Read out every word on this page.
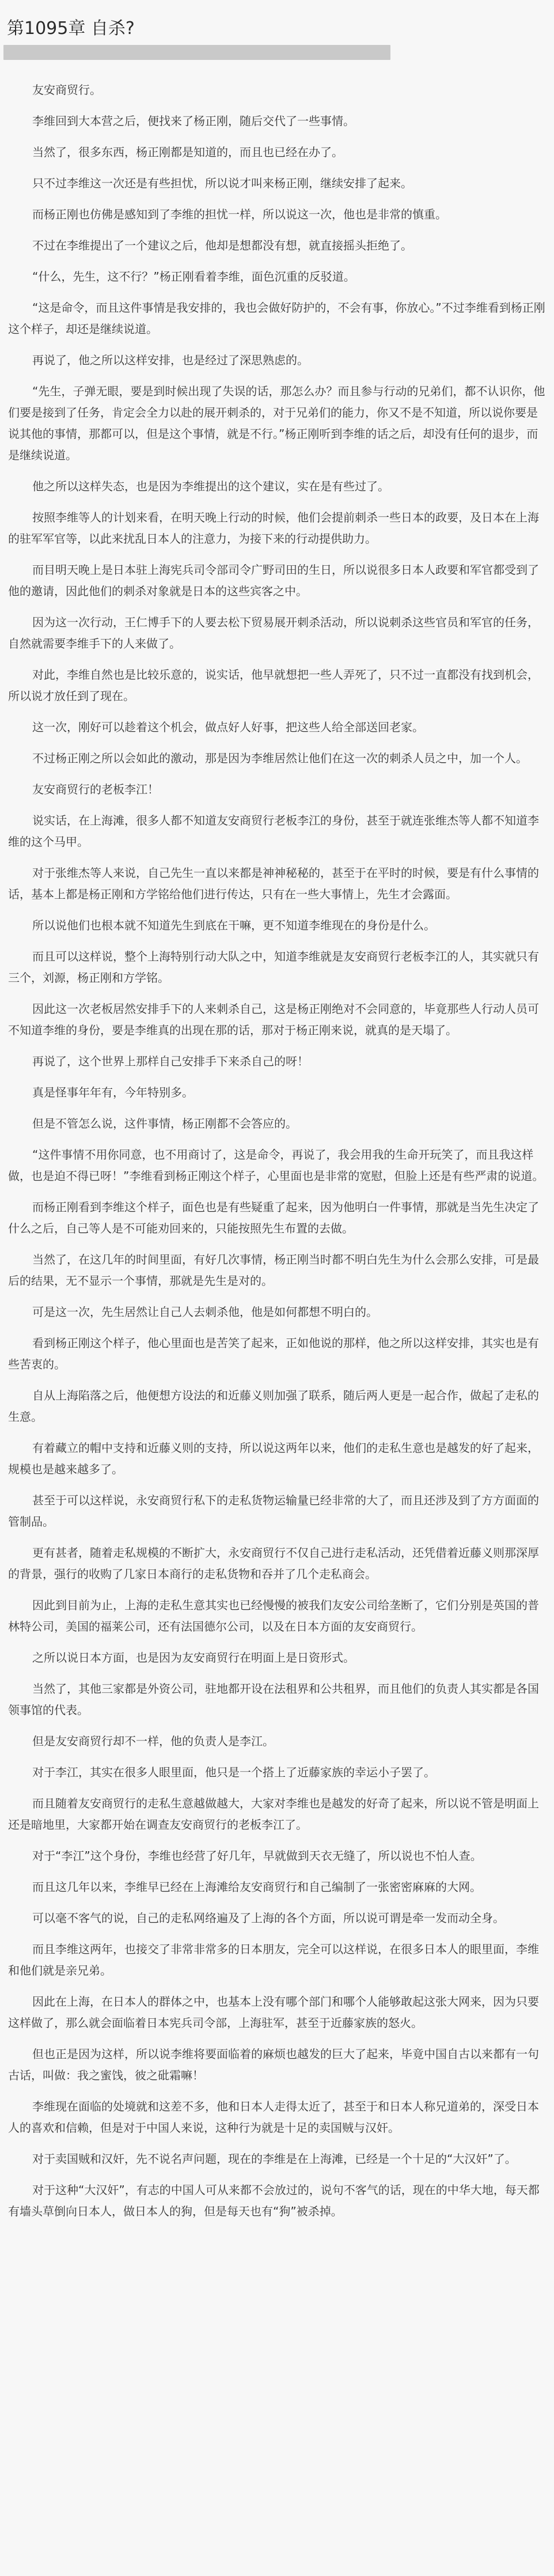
第1095章 自杀?

友安商贸行。

李维回到大本营之后，便找来了杨正刚，随后交代了一些事情。

当然了，很多东西，杨正刚都是知道的，而且也已经在办了。

只不过李维这一次还是有些担忧，所以说才叫来杨正刚，继续安排了起来。

而杨正刚也仿佛是感知到了李维的担忧一样，所以说这一次，他也是非常的慎重。

不过在李维提出了一个建议之后，他却是想都没有想，就直接摇头拒绝了。

“什么，先生，这不行？”杨正刚看着李维，面色沉重的反驳道。

“这是命令，而且这件事情是我安排的，我也会做好防护的，不会有事，你放心。”不过李维看到杨正刚这个样子，却还是继续说道。

再说了，他之所以这样安排，也是经过了深思熟虑的。

“先生，子弹无眼，要是到时候出现了失误的话，那怎么办？而且参与行动的兄弟们，都不认识你，他们要是接到了任务，肯定会全力以赴的展开刺杀的，对于兄弟们的能力，你又不是不知道，所以说你要是说其他的事情，那都可以，但是这个事情，就是不行。”杨正刚听到李维的话之后，却没有任何的退步，而是继续说道。

他之所以这样失态，也是因为李维提出的这个建议，实在是有些过了。

按照李维等人的计划来看，在明天晚上行动的时候，他们会提前刺杀一些日本的政要，及日本在上海的驻军军官等，以此来扰乱日本人的注意力，为接下来的行动提供助力。

而目明天晚上是日本驻上海宪兵司令部司令广野司田的生日，所以说很多日本人政要和军官都受到了他的邀请，因此他们的刺杀对象就是日本的这些宾客之中。

因为这一次行动，王仁博手下的人要去松下贸易展开刺杀活动，所以说刺杀这些官员和军官的任务，自然就需要李维手下的人来做了。

对此，李维自然也是比较乐意的，说实话，他早就想把一些人弄死了，只不过一直都没有找到机会，所以说才放任到了现在。

这一次，刚好可以趁着这个机会，做点好人好事，把这些人给全部送回老家。

不过杨正刚之所以会如此的激动，那是因为李维居然让他们在这一次的刺杀人员之中，加一个人。

友安商贸行的老板李江！

说实话，在上海滩，很多人都不知道友安商贸行老板李江的身份，甚至于就连张维杰等人都不知道李维的这个马甲。

对于张维杰等人来说，自己先生一直以来都是神神秘秘的，甚至于在平时的时候，要是有什么事情的话，基本上都是杨正刚和方学铭给他们进行传达，只有在一些大事情上，先生才会露面。

所以说他们也根本就不知道先生到底在干嘛，更不知道李维现在的身份是什么。

而且可以这样说，整个上海特别行动大队之中，知道李维就是友安商贸行老板李江的人，其实就只有三个，刘源，杨正刚和方学铭。

因此这一次老板居然安排手下的人来刺杀自己，这是杨正刚绝对不会同意的，毕竟那些人行动人员可不知道李维的身份，要是李维真的出现在那的话，那对于杨正刚来说，就真的是天塌了。

再说了，这个世界上那样自己安排手下来杀自己的呀！

真是怪事年年有，今年特别多。

但是不管怎么说，这件事情，杨正刚都不会答应的。

“这件事情不用你同意，也不用商讨了，这是命令，再说了，我会用我的生命开玩笑了，而且我这样做，也是迫不得已呀！”李维看到杨正刚这个样子，心里面也是非常的宽慰，但脸上还是有些严肃的说道。

而杨正刚看到李维这个样子，面色也是有些疑重了起来，因为他明白一件事情，那就是当先生决定了什么之后，自己等人是不可能劝回来的，只能按照先生布置的去做。

当然了，在这几年的时间里面，有好几次事情，杨正刚当时都不明白先生为什么会那么安排，可是最后的结果，无不显示一个事情，那就是先生是对的。

可是这一次，先生居然让自己人去刺杀他，他是如何都想不明白的。

看到杨正刚这个样子，他心里面也是苦笑了起来，正如他说的那样，他之所以这样安排，其实也是有些苦衷的。

自从上海陷落之后，他便想方设法的和近藤义则加强了联系，随后两人更是一起合作，做起了走私的生意。

有着藏立的帽中支持和近藤义则的支持，所以说这两年以来，他们的走私生意也是越发的好了起来，规模也是越来越多了。

甚至于可以这样说，永安商贸行私下的走私货物运输量已经非常的大了，而且还涉及到了方方面面的管制品。

更有甚者，随着走私规模的不断扩大，永安商贸行不仅自己进行走私活动，还凭借着近藤义则那深厚的背景，强行的收购了几家日本商行的走私货物和吞并了几个走私商会。

因此到目前为止，上海的走私生意其实也已经慢慢的被我们友安公司给垄断了，它们分别是英国的普林特公司，美国的福莱公司，还有法国德尔公司，以及在日本方面的友安商贸行。

之所以说日本方面，也是因为友安商贸行在明面上是日资形式。

当然了，其他三家都是外资公司，驻地都开设在法租界和公共租界，而且他们的负责人其实都是各国领事馆的代表。

但是友安商贸行却不一样，他的负责人是李江。

对于李江，其实在很多人眼里面，他只是一个搭上了近藤家族的幸运小子罢了。

而且随着友安商贸行的走私生意越做越大，大家对李维也是越发的好奇了起来，所以说不管是明面上还是暗地里，大家都开始在调查友安商贸行的老板李江了。

对于“李江”这个身份，李维也经营了好几年，早就做到天衣无缝了，所以说也不怕人查。

而且这几年以来，李维早已经在上海滩给友安商贸行和自己编制了一张密密麻麻的大网。

可以毫不客气的说，自己的走私网络遍及了上海的各个方面，所以说可谓是牵一发而动全身。

而且李维这两年，也接交了非常非常多的日本朋友，完全可以这样说，在很多日本人的眼里面，李维和他们就是亲兄弟。

因此在上海，在日本人的群体之中，也基本上没有哪个部门和哪个人能够敢起这张大网来，因为只要这样做了，那么就会面临着日本宪兵司令部，上海驻军，甚至于近藤家族的怒火。

但也正是因为这样，所以说李维将要面临着的麻烦也越发的巨大了起来，毕竟中国自古以来都有一句古话，叫做：我之蜜饯，彼之砒霜嘛！

李维现在面临的处境就和这差不多，他和日本人走得太近了，甚至于和日本人称兄道弟的，深受日本人的喜欢和信赖，但是对于中国人来说，这种行为就是十足的卖国贼与汉奸。

对于卖国贼和汉奸，先不说名声问题，现在的李维是在上海滩，已经是一个十足的“大汉奸”了。

对于这种“大汉奸”，有志的中国人可从来都不会放过的，说句不客气的话，现在的中华大地，每天都有墙头草倒向日本人，做日本人的狗，但是每天也有“狗”被杀掉。
